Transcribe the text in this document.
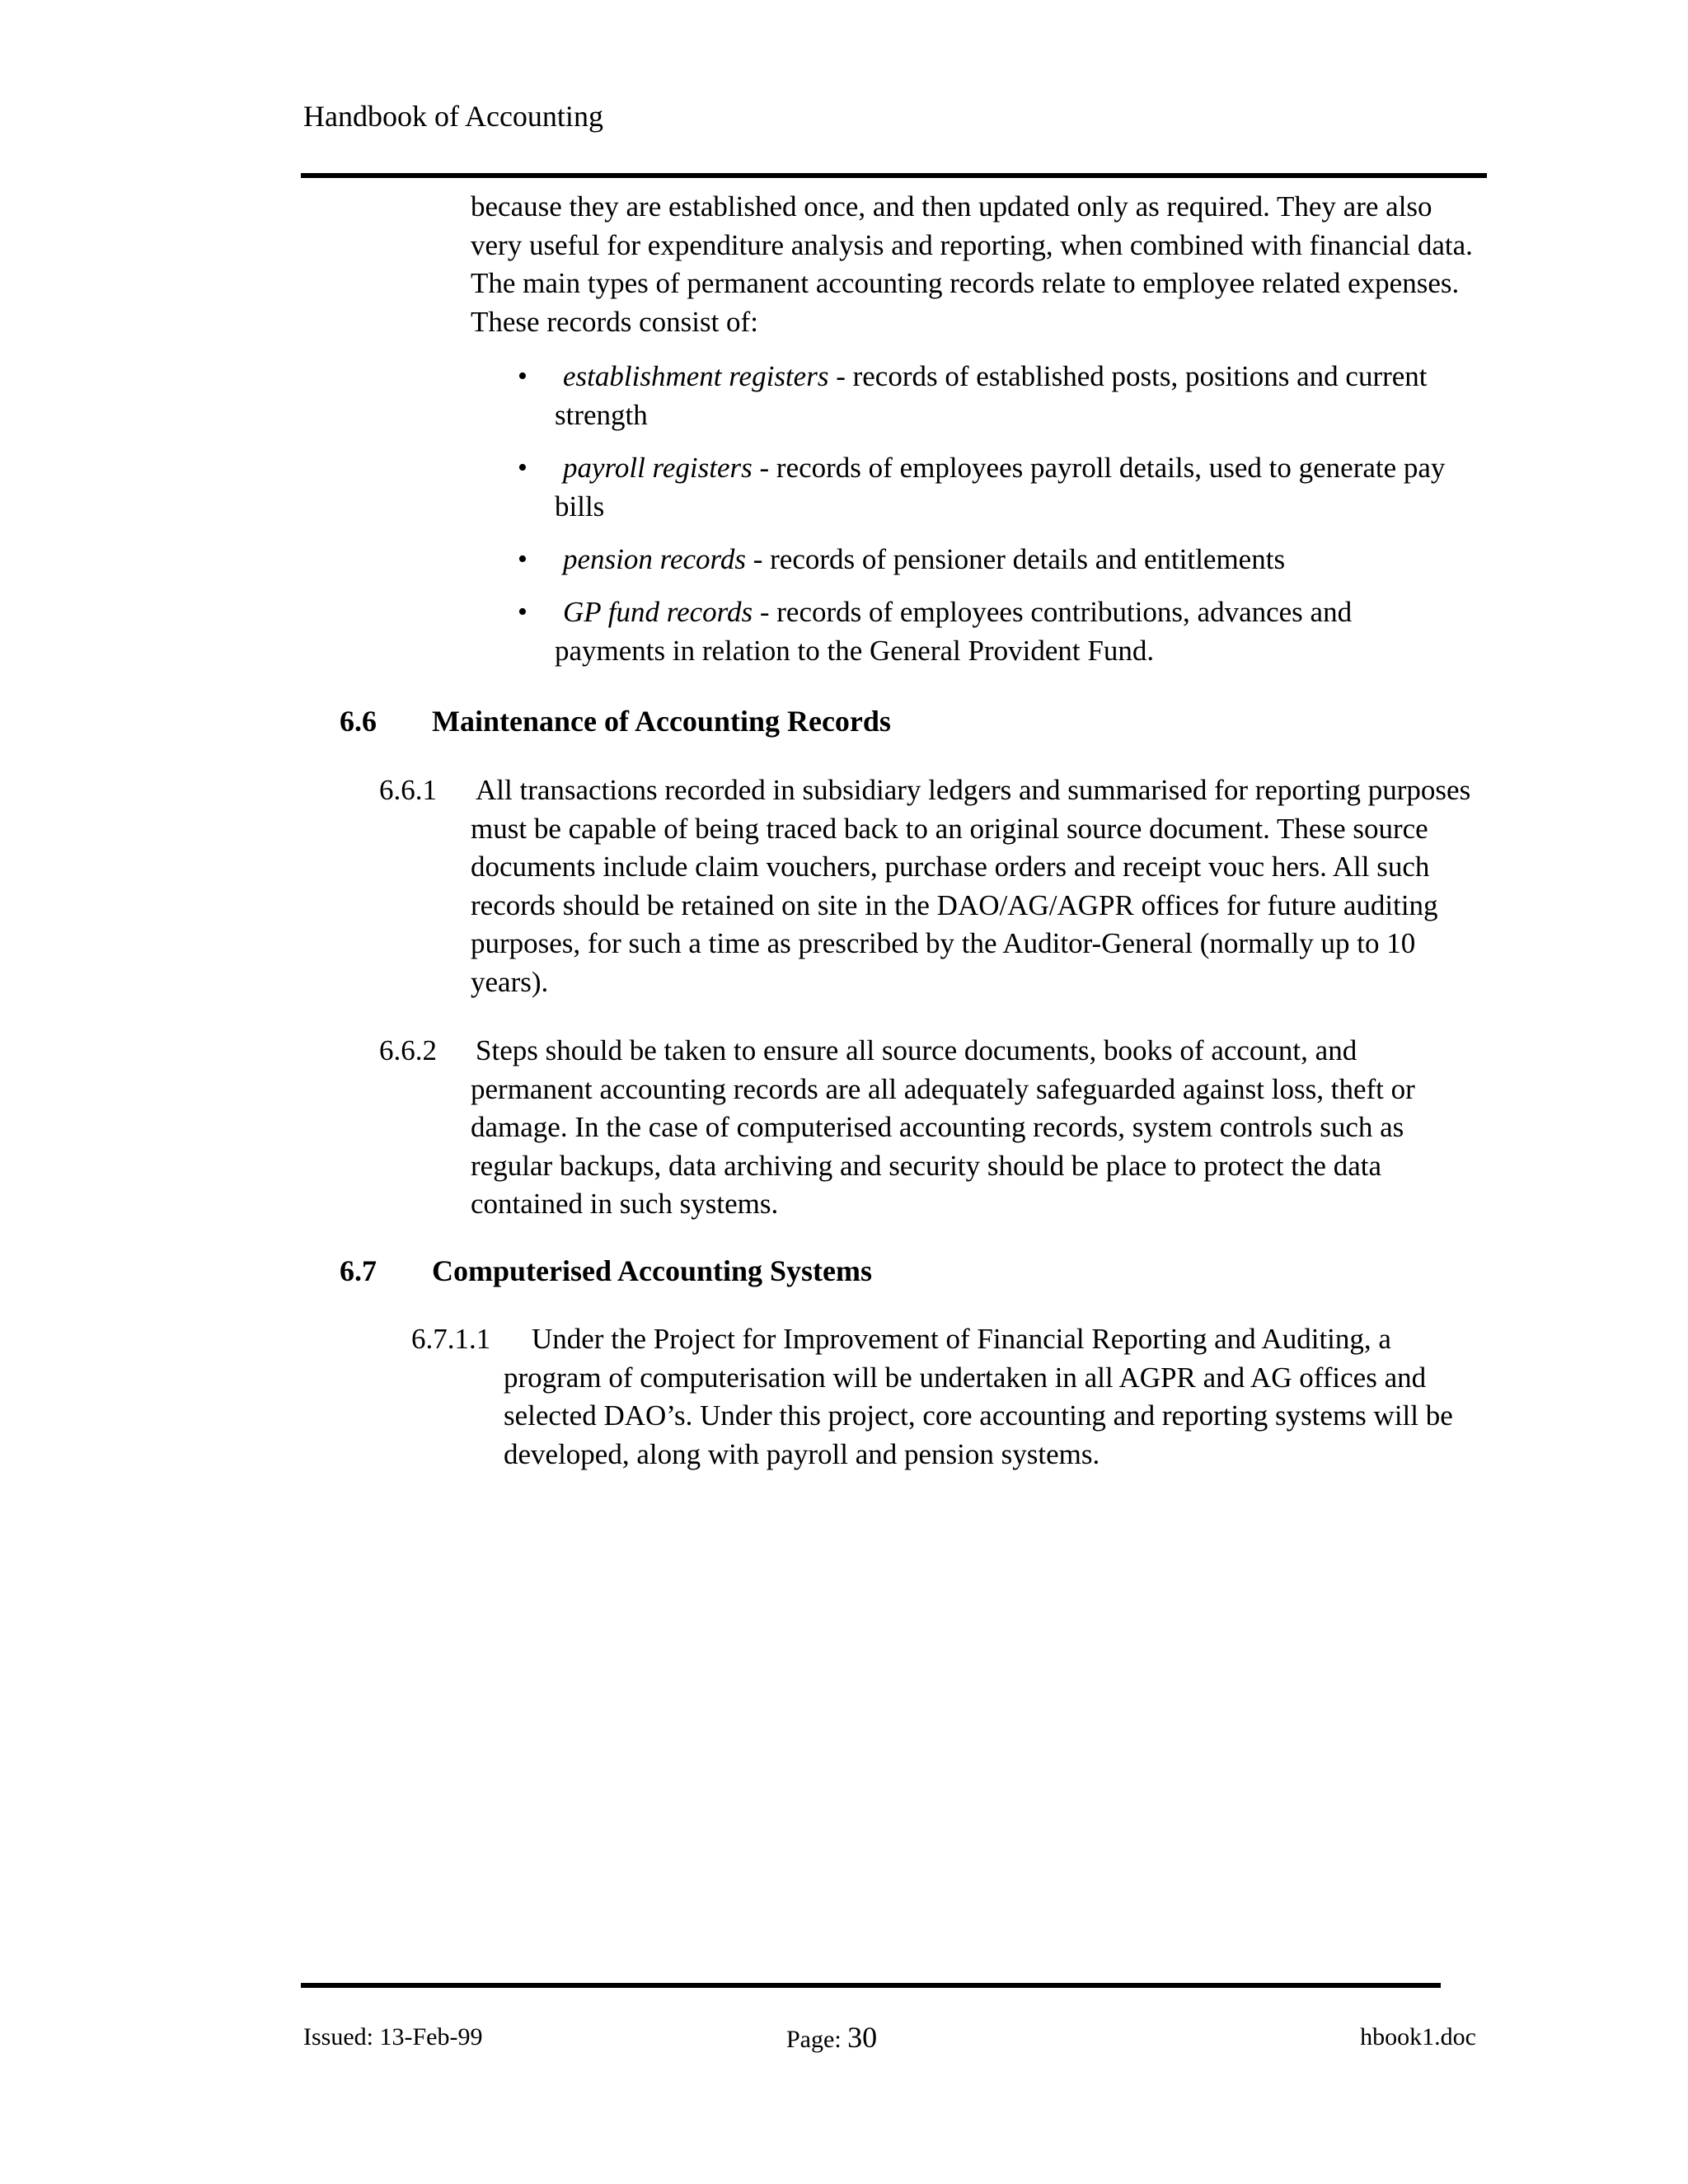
Handbook of Accounting
because they are established once, and then updated only as required. They are also
very useful for expenditure analysis and reporting, when combined with financial data.
The main types of permanent accounting records relate to employee related expenses.
These records consist of:
• establishment registers - records of established posts, positions and current
strength
• payroll registers - records of employees payroll details, used to generate pay
bills
• pension records - records of pensioner details and entitlements
• GP fund records - records of employees contributions, advances and
payments in relation to the General Provident Fund.
6.6 Maintenance of Accounting Records
6.6.1 All transactions recorded in subsidiary ledgers and summarised for reporting purposes
must be capable of being traced back to an original source document. These source
documents include claim vouchers, purchase orders and receipt vouc hers. All such
records should be retained on site in the DAO/AG/AGPR offices for future auditing
purposes, for such a time as prescribed by the Auditor-General (normally up to 10
years).
6.6.2 Steps should be taken to ensure all source documents, books of account, and
permanent accounting records are all adequately safeguarded against loss, theft or
damage. In the case of computerised accounting records, system controls such as
regular backups, data archiving and security should be place to protect the data
contained in such systems.
6.7 Computerised Accounting Systems
6.7.1.1 Under the Project for Improvement of Financial Reporting and Auditing, a
program of computerisation will be undertaken in all AGPR and AG offices and
selected DAO’s. Under this project, core accounting and reporting systems will be
developed, along with payroll and pension systems.
Issued: 13-Feb-99	Page: 30	hbook1.doc
